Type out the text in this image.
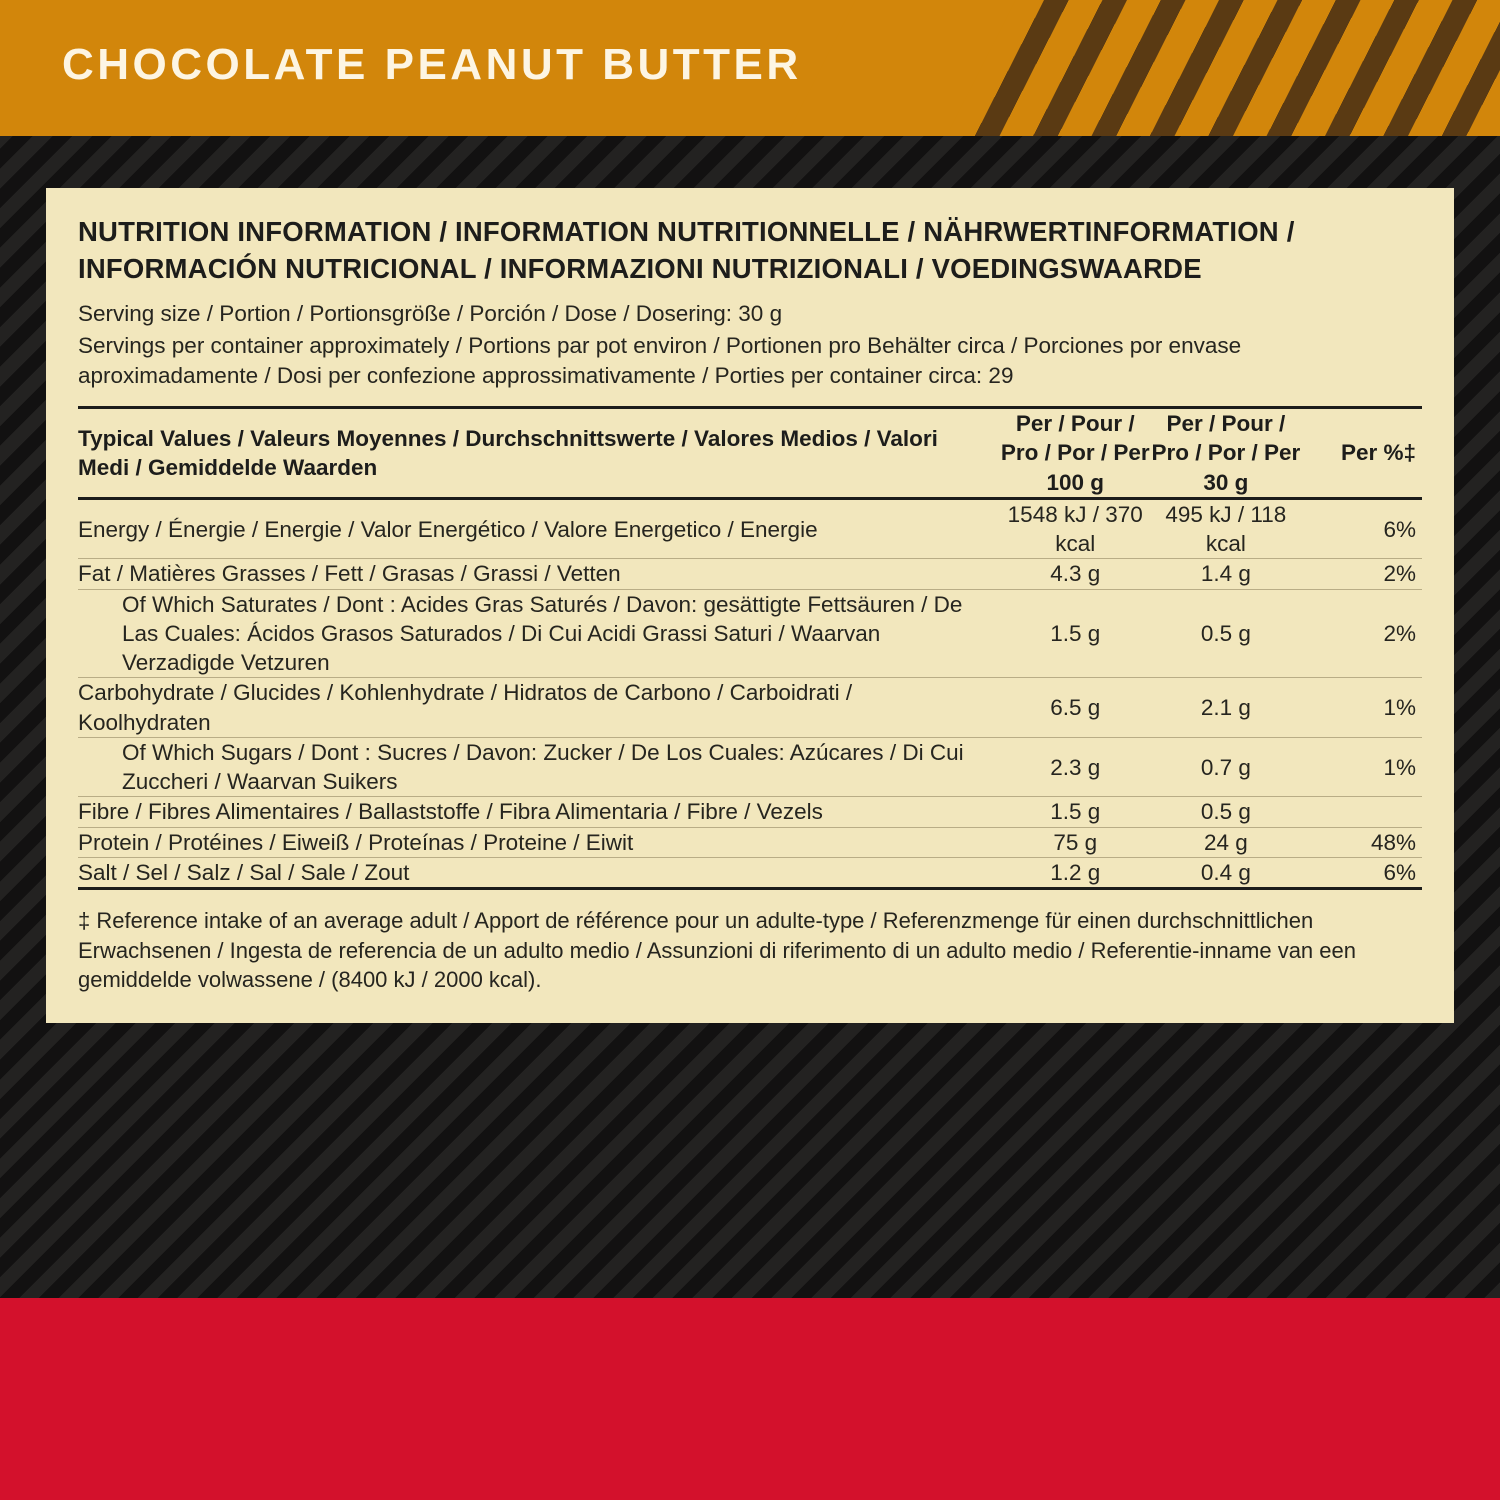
CHOCOLATE PEANUT BUTTER
NUTRITION INFORMATION / INFORMATION NUTRITIONNELLE / NÄHRWERTINFORMATION / INFORMACIÓN NUTRICIONAL / INFORMAZIONI NUTRIZIONALI / VOEDINGSWAARDE
Serving size / Portion / Portionsgröße / Porción / Dose / Dosering: 30 g
Servings per container approximately / Portions par pot environ / Portionen pro Behälter circa / Porciones por envase aproximadamente / Dosi per confezione approssimativamente / Porties per container circa: 29
Typical Values / Valeurs Moyennes / Durchschnittswerte / Valores Medios / Valori Medi / Gemiddelde Waarden	Per / Pour / Pro / Por / Per 100 g	Per / Pour / Pro / Por / Per 30 g	Per %‡
Energy / Énergie / Energie / Valor Energético / Valore Energetico / Energie	1548 kJ / 370 kcal	495 kJ / 118 kcal	6%
Fat / Matières Grasses / Fett / Grasas / Grassi / Vetten	4.3 g	1.4 g	2%
Of Which Saturates / Dont : Acides Gras Saturés / Davon: gesättigte Fettsäuren / De Las Cuales: Ácidos Grasos Saturados / Di Cui Acidi Grassi Saturi / Waarvan Verzadigde Vetzuren	1.5 g	0.5 g	2%
Carbohydrate / Glucides / Kohlenhydrate / Hidratos de Carbono / Carboidrati / Koolhydraten	6.5 g	2.1 g	1%
Of Which Sugars / Dont : Sucres / Davon: Zucker / De Los Cuales: Azúcares / Di Cui Zuccheri / Waarvan Suikers	2.3 g	0.7 g	1%
Fibre / Fibres Alimentaires / Ballaststoffe / Fibra Alimentaria / Fibre / Vezels	1.5 g	0.5 g	
Protein / Protéines / Eiweiß / Proteínas / Proteine / Eiwit	75 g	24 g	48%
Salt / Sel / Salz / Sal / Sale / Zout	1.2 g	0.4 g	6%
‡ Reference intake of an average adult / Apport de référence pour un adulte-type / Referenzmenge für einen durchschnittlichen Erwachsenen / Ingesta de referencia de un adulto medio / Assunzioni di riferimento di un adulto medio / Referentie-inname van een gemiddelde volwassene / (8400 kJ / 2000 kcal).
